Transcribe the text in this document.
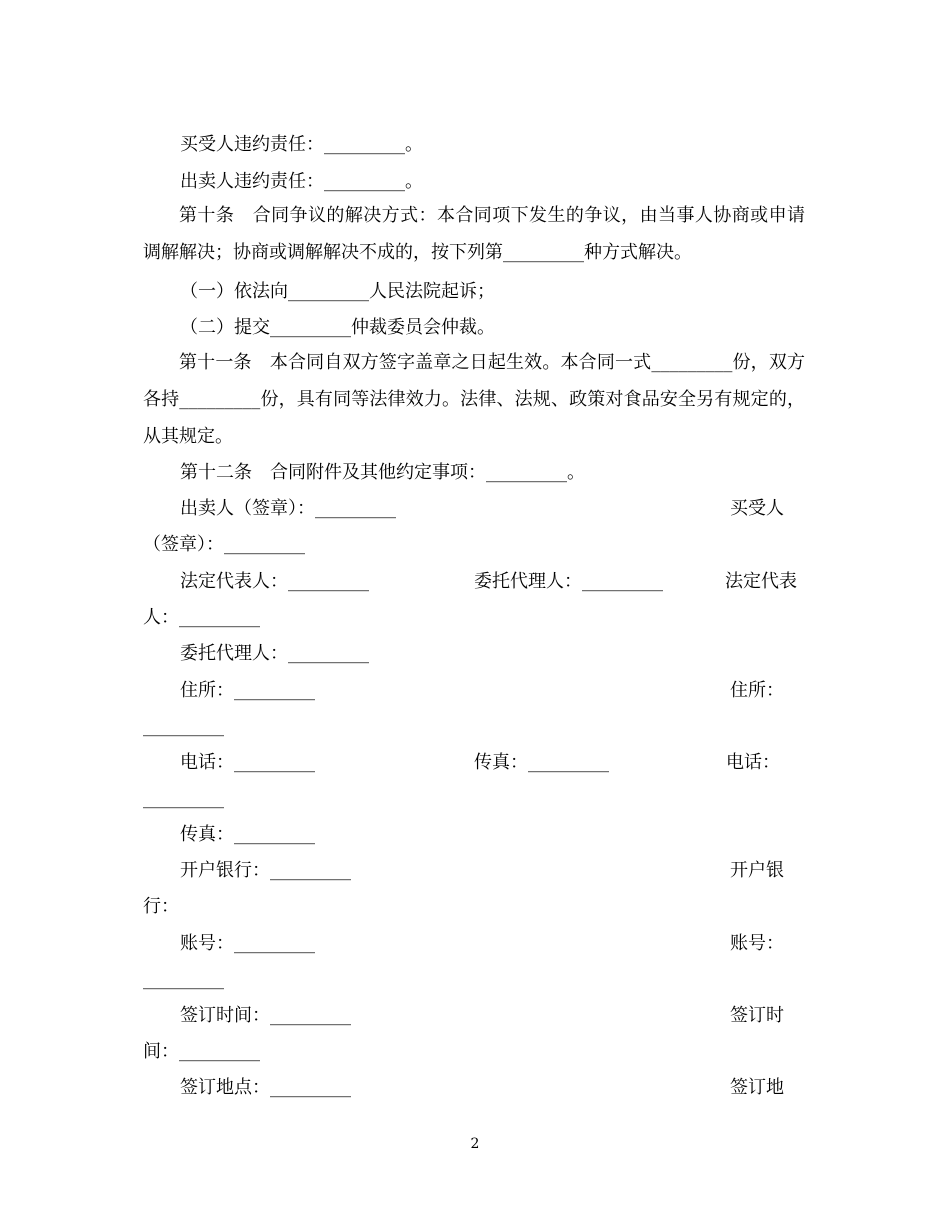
买受人违约责任：_________。
出卖人违约责任：_________。
第十条　合同争议的解决方式：本合同项下发生的争议，由当事人协商或申请调解解决；协商或调解解决不成的，按下列第_________种方式解决。
（一）依法向_________人民法院起诉；
（二）提交_________仲裁委员会仲裁。
第十一条　本合同自双方签字盖章之日起生效。本合同一式_________份，双方各持_________份，具有同等法律效力。法律、法规、政策对食品安全另有规定的，从其规定。
第十二条　合同附件及其他约定事项：_________。
出卖人（签章）：_________	买受人
（签章）：_________
法定代表人：_________	委托代理人：_________	法定代表
人：_________
委托代理人：_________
住所：_________	住所：
_________
电话：_________	传真：_________	电话：
_________
传真：_________
开户银行：_________	开户银
行：
账号：_________	账号：
_________
签订时间：_________	签订时
间：_________
签订地点：_________	签订地
2
